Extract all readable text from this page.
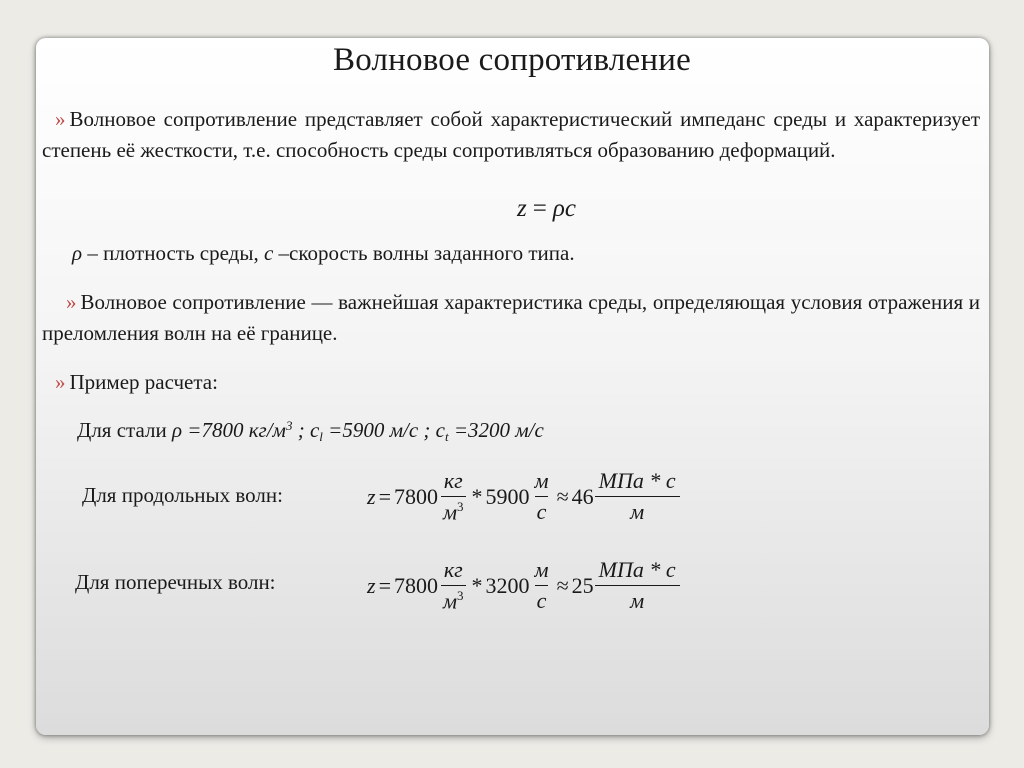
Волновое сопротивление
» Волновое сопротивление представляет собой характеристический импеданс среды и характеризует степень её жесткости, т.е. способность среды сопротивляться образованию деформаций.
z = ρc
ρ – плотность среды, c –скорость волны заданного типа.
» Волновое сопротивление — важнейшая характеристика среды, определяющая условия отражения и преломления волн на её границе.
» Пример расчета:
Для стали ρ =7800 $кг/м^3$ ; $c_l =5900$ м/с ; $c_t =3200$ м/с
Для продольных волн:	$z = 7800 \frac{кг}{м^3} * 5900 \frac{м}{с} \approx 46 \frac{\text{МПа * с}}{м}$
Для поперечных волн:	$z = 7800 \frac{кг}{м^3} * 3200 \frac{м}{с} \approx 25 \frac{\text{МПа * с}}{м}$
